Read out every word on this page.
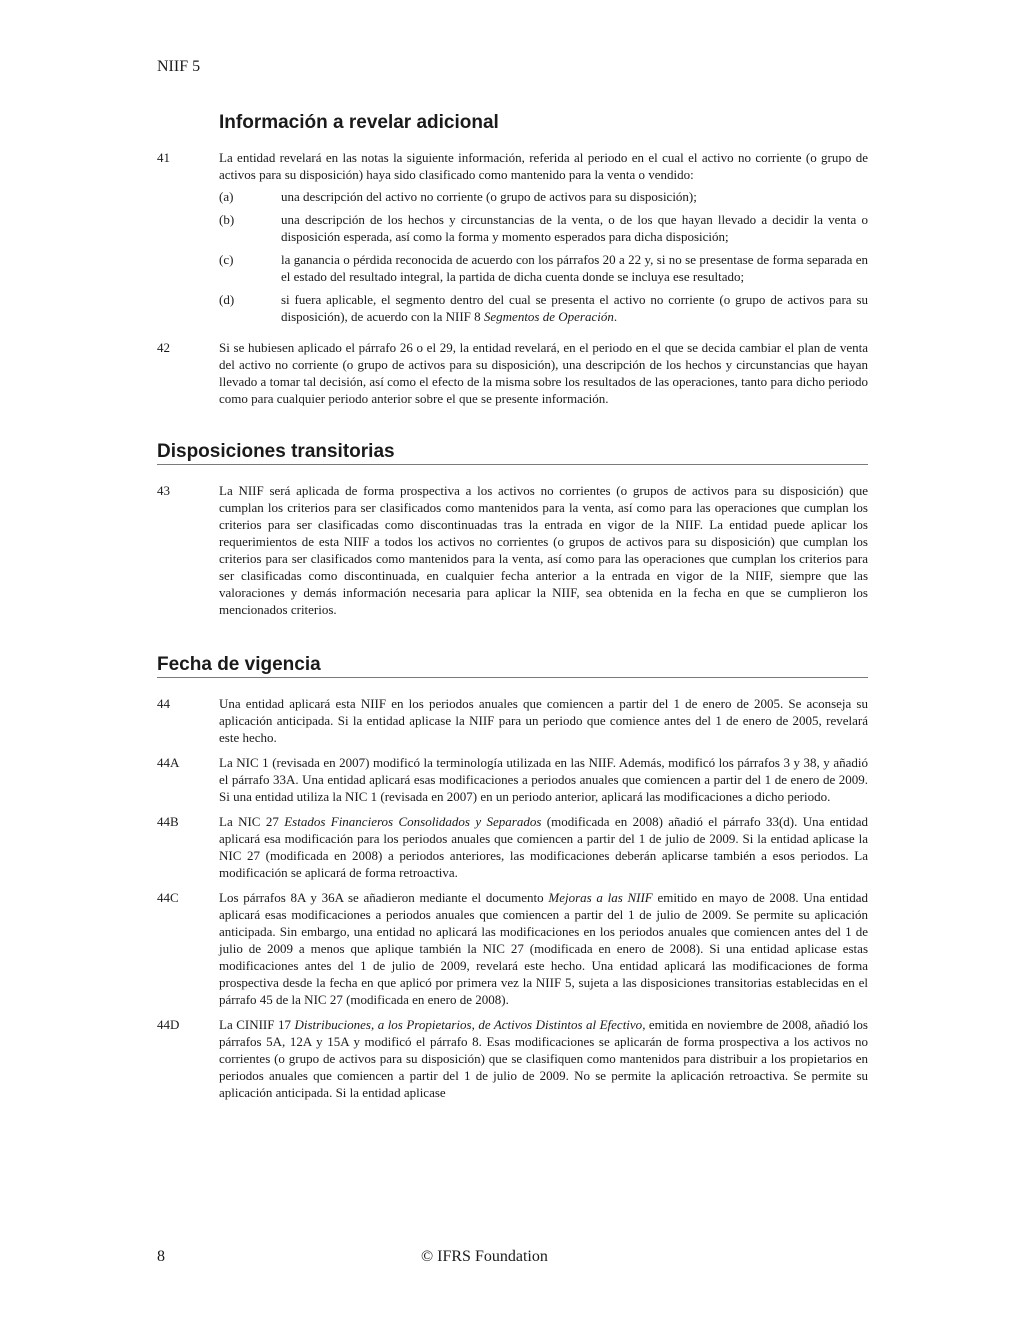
NIIF 5
Información a revelar adicional
41	La entidad revelará en las notas la siguiente información, referida al periodo en el cual el activo no corriente (o grupo de activos para su disposición) haya sido clasificado como mantenido para la venta o vendido:
(a)	una descripción del activo no corriente (o grupo de activos para su disposición);
(b)	una descripción de los hechos y circunstancias de la venta, o de los que hayan llevado a decidir la venta o disposición esperada, así como la forma y momento esperados para dicha disposición;
(c)	la ganancia o pérdida reconocida de acuerdo con los párrafos 20 a 22 y, si no se presentase de forma separada en el estado del resultado integral, la partida de dicha cuenta donde se incluya ese resultado;
(d)	si fuera aplicable, el segmento dentro del cual se presenta el activo no corriente (o grupo de activos para su disposición), de acuerdo con la NIIF 8 Segmentos de Operación.
42	Si se hubiesen aplicado el párrafo 26 o el 29, la entidad revelará, en el periodo en el que se decida cambiar el plan de venta del activo no corriente (o grupo de activos para su disposición), una descripción de los hechos y circunstancias que hayan llevado a tomar tal decisión, así como el efecto de la misma sobre los resultados de las operaciones, tanto para dicho periodo como para cualquier periodo anterior sobre el que se presente información.
Disposiciones transitorias
43	La NIIF será aplicada de forma prospectiva a los activos no corrientes (o grupos de activos para su disposición) que cumplan los criterios para ser clasificados como mantenidos para la venta, así como para las operaciones que cumplan los criterios para ser clasificadas como discontinuadas tras la entrada en vigor de la NIIF. La entidad puede aplicar los requerimientos de esta NIIF a todos los activos no corrientes (o grupos de activos para su disposición) que cumplan los criterios para ser clasificados como mantenidos para la venta, así como para las operaciones que cumplan los criterios para ser clasificadas como discontinuada, en cualquier fecha anterior a la entrada en vigor de la NIIF, siempre que las valoraciones y demás información necesaria para aplicar la NIIF, sea obtenida en la fecha en que se cumplieron los mencionados criterios.
Fecha de vigencia
44	Una entidad aplicará esta NIIF en los periodos anuales que comiencen a partir del 1 de enero de 2005. Se aconseja su aplicación anticipada. Si la entidad aplicase la NIIF para un periodo que comience antes del 1 de enero de 2005, revelará este hecho.
44A	La NIC 1 (revisada en 2007) modificó la terminología utilizada en las NIIF. Además, modificó los párrafos 3 y 38, y añadió el párrafo 33A. Una entidad aplicará esas modificaciones a periodos anuales que comiencen a partir del 1 de enero de 2009. Si una entidad utiliza la NIC 1 (revisada en 2007) en un periodo anterior, aplicará las modificaciones a dicho periodo.
44B	La NIC 27 Estados Financieros Consolidados y Separados (modificada en 2008) añadió el párrafo 33(d). Una entidad aplicará esa modificación para los periodos anuales que comiencen a partir del 1 de julio de 2009. Si la entidad aplicase la NIC 27 (modificada en 2008) a periodos anteriores, las modificaciones deberán aplicarse también a esos periodos. La modificación se aplicará de forma retroactiva.
44C	Los párrafos 8A y 36A se añadieron mediante el documento Mejoras a las NIIF emitido en mayo de 2008. Una entidad aplicará esas modificaciones a periodos anuales que comiencen a partir del 1 de julio de 2009. Se permite su aplicación anticipada. Sin embargo, una entidad no aplicará las modificaciones en los periodos anuales que comiencen antes del 1 de julio de 2009 a menos que aplique también la NIC 27 (modificada en enero de 2008). Si una entidad aplicase estas modificaciones antes del 1 de julio de 2009, revelará este hecho. Una entidad aplicará las modificaciones de forma prospectiva desde la fecha en que aplicó por primera vez la NIIF 5, sujeta a las disposiciones transitorias establecidas en el párrafo 45 de la NIC 27 (modificada en enero de 2008).
44D	La CINIIF 17 Distribuciones, a los Propietarios, de Activos Distintos al Efectivo, emitida en noviembre de 2008, añadió los párrafos 5A, 12A y 15A y modificó el párrafo 8. Esas modificaciones se aplicarán de forma prospectiva a los activos no corrientes (o grupo de activos para su disposición) que se clasifiquen como mantenidos para distribuir a los propietarios en periodos anuales que comiencen a partir del 1 de julio de 2009. No se permite la aplicación retroactiva. Se permite su aplicación anticipada. Si la entidad aplicase
8	© IFRS Foundation
